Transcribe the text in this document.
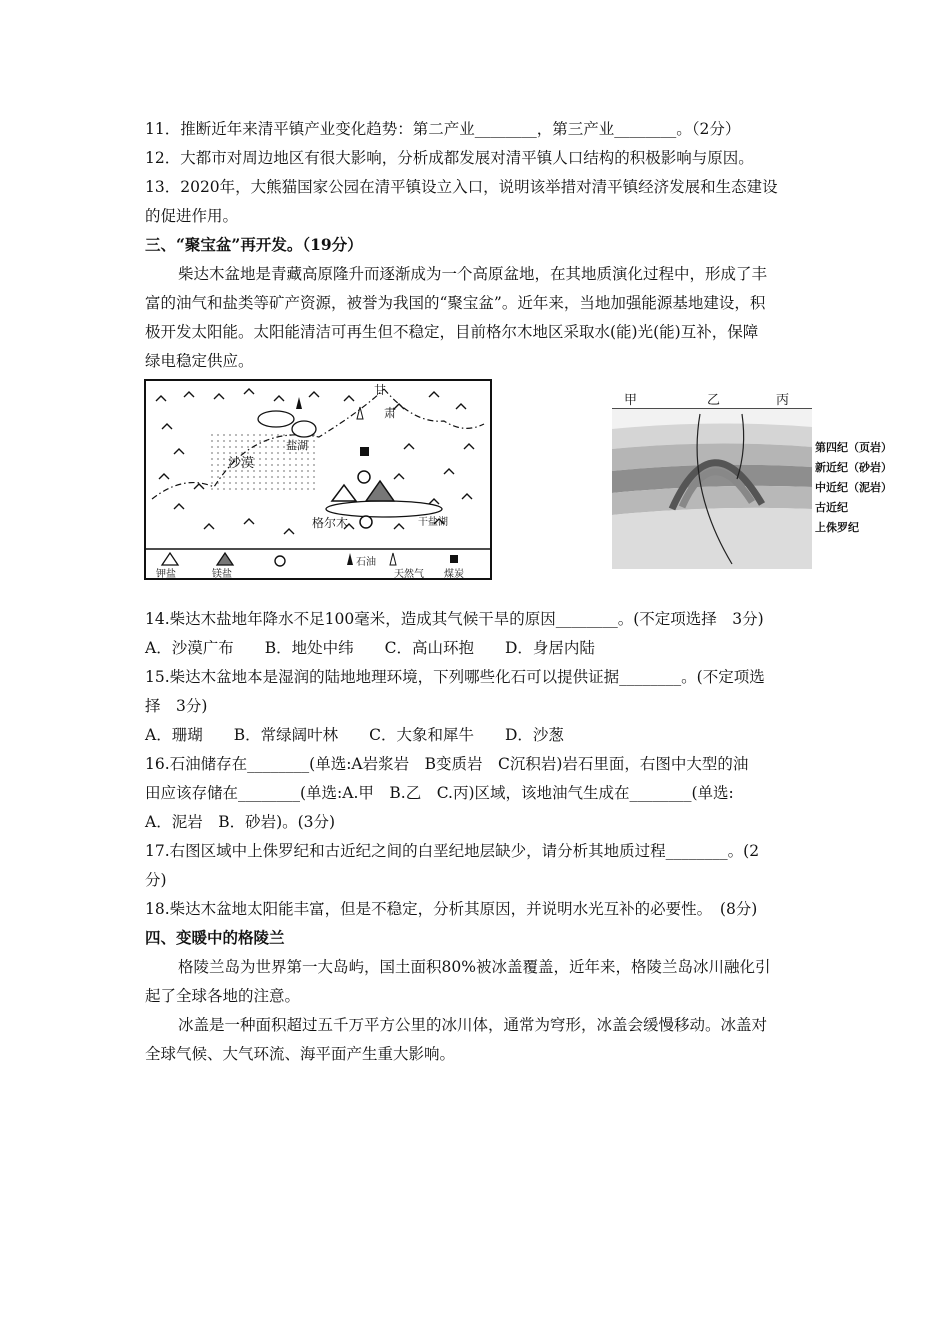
11．推断近年来清平镇产业变化趋势：第二产业________，第三产业________。（2分）
12．大都市对周边地区有很大影响，分析成都发展对清平镇人口结构的积极影响与原因。
13．2020年，大熊猫国家公园在清平镇设立入口，说明该举措对清平镇经济发展和生态建设
的促进作用。
三、“聚宝盆”再开发。（19分）
柴达木盆地是青藏高原隆升而逐渐成为一个高原盆地，在其地质演化过程中，形成了丰
富的油气和盐类等矿产资源，被誉为我国的“聚宝盆”。近年来，当地加强能源基地建设，积
极开发太阳能。太阳能清洁可再生但不稳定，目前格尔木地区采取水(能)光(能)互补，保障
绿电稳定供应。
甘
肃
盐湖
沙漠
格尔木	干盐湖
钾盐	镁盐
石油
天然气 煤炭
甲	乙	丙
第四纪（页岩）
新近纪（砂岩）
中近纪（泥岩）
古近纪
上侏罗纪
14.柴达木盐地年降水不足100毫米，造成其气候干旱的原因________。(不定项选择　3分)
A．沙漠广布　　B．地处中纬　　C．高山环抱　　D．身居内陆
15.柴达木盆地本是湿润的陆地地理环境，下列哪些化石可以提供证据________。(不定项选
择　3分)
A．珊瑚　　B．常绿阔叶林　　C．大象和犀牛　　D．沙葱
16.石油储存在________(单选:A岩浆岩　B变质岩　C沉积岩)岩石里面，右图中大型的油
田应该存储在________(单选:A.甲　B.乙　C.丙)区域，该地油气生成在________(单选:
A．泥岩　B．砂岩)。(3分)
17.右图区域中上侏罗纪和古近纪之间的白垩纪地层缺少，请分析其地质过程________。(2
分)
18.柴达木盆地太阳能丰富，但是不稳定，分析其原因，并说明水光互补的必要性。　(8分)
四、变暖中的格陵兰
格陵兰岛为世界第一大岛屿，国土面积80%被冰盖覆盖，近年来，格陵兰岛冰川融化引
起了全球各地的注意。
冰盖是一种面积超过五千万平方公里的冰川体，通常为穹形，冰盖会缓慢移动。冰盖对
全球气候、大气环流、海平面产生重大影响。
